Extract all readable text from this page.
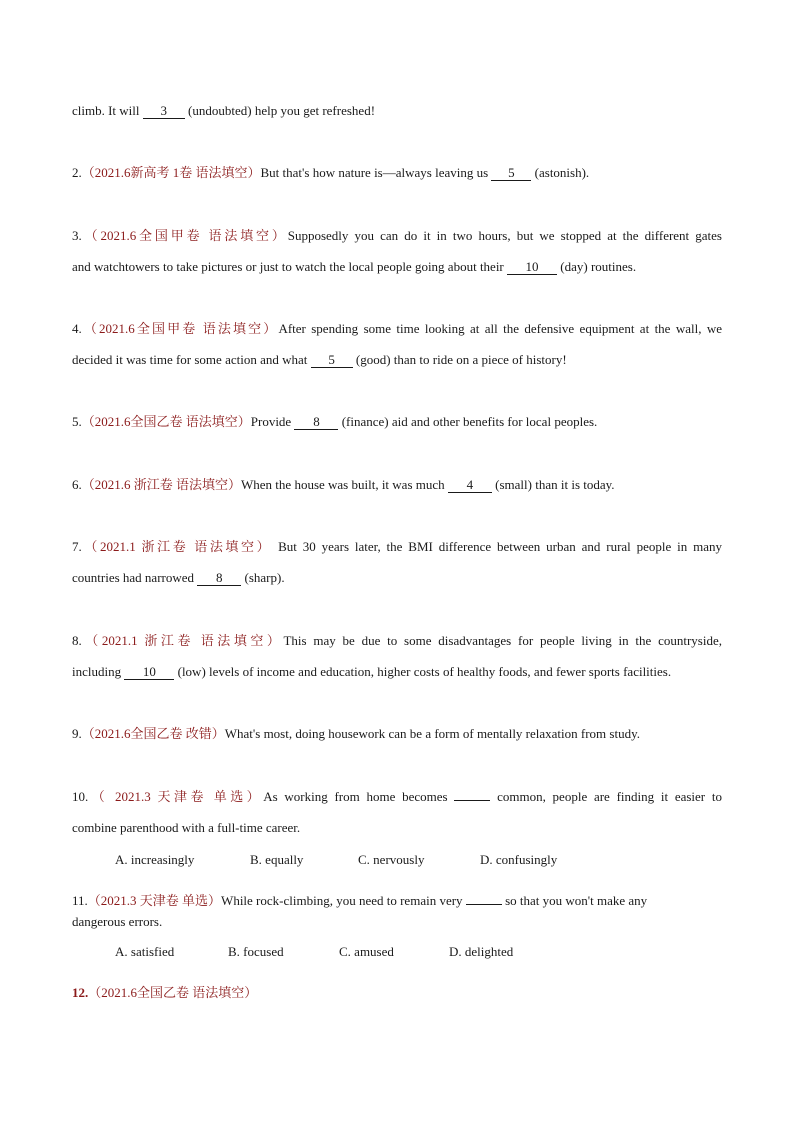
climb. It will 3 (undoubted) help you get refreshed!
2.（2021.6新高考 1卷 语法填空）But that's how nature is—always leaving us 5 (astonish).
3.（2021.6全国甲卷 语法填空）Supposedly you can do it in two hours, but we stopped at the different gates
and watchtowers to take pictures or just to watch the local people going about their 10 (day) routines.
4.（2021.6全国甲卷 语法填空）After spending some time looking at all the defensive equipment at the wall, we
decided it was time for some action and what 5 (good) than to ride on a piece of history!
5.（2021.6全国乙卷 语法填空）Provide 8 (finance) aid and other benefits for local peoples.
6.（2021.6 浙江卷 语法填空）When the house was built, it was much 4 (small) than it is today.
7.（2021.1 浙江卷 语法填空） But 30 years later, the BMI difference between urban and rural people in many
countries had narrowed 8 (sharp).
8.（2021.1 浙江卷 语法填空）This may be due to some disadvantages for people living in the countryside,
including 10 (low) levels of income and education, higher costs of healthy foods, and fewer sports facilities.
9.（2021.6全国乙卷 改错）What's most, doing housework can be a form of mentally relaxation from study.
10.（ 2021.3 天津卷 单选）As working from home becomes	common, people are finding it easier to
combine parenthood with a full-time career.
A. increasingly	B. equally	C. nervously	D. confusingly
11.（2021.3 天津卷 单选）While rock-climbing, you need to remain very	so that you won't make any
dangerous errors.
A. satisfied	B. focused	C. amused	D. delighted
12.（2021.6全国乙卷 语法填空）
